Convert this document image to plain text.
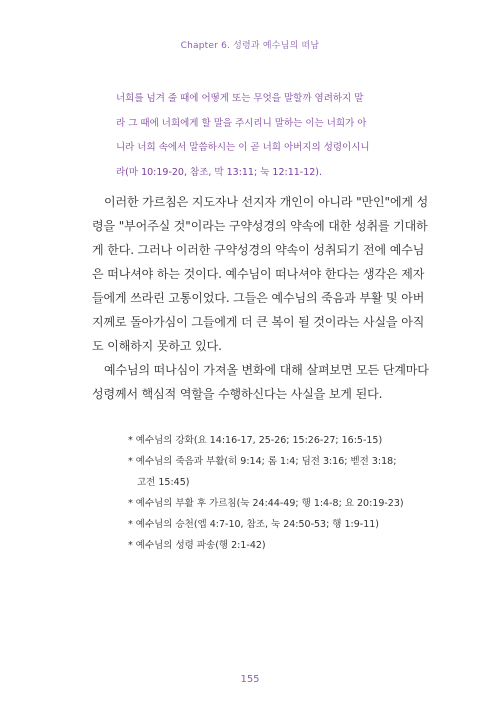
Chapter 6. 성령과 예수님의 떠남
너희를 넘겨 줄 때에 어떻게 또는 무엇을 말할까 염려하지 말
라 그 때에 너희에게 할 말을 주시리니 말하는 이는 너희가 아
니라 너희 속에서 말씀하시는 이 곧 너희 아버지의 성령이시니
라(마 10:19-20, 참조, 막 13:11; 눅 12:11-12).
이러한 가르침은 지도자나 선지자 개인이 아니라 "만인"에게 성
령을 "부어주실 것"이라는 구약성경의 약속에 대한 성취를 기대하
게 한다. 그러나 이러한 구약성경의 약속이 성취되기 전에 예수님
은 떠나셔야 하는 것이다. 예수님이 떠나셔야 한다는 생각은 제자
들에게 쓰라린 고통이었다. 그들은 예수님의 죽음과 부활 및 아버
지께로 돌아가심이 그들에게 더 큰 복이 될 것이라는 사실을 아직
도 이해하지 못하고 있다.
예수님의 떠나심이 가져올 변화에 대해 살펴보면 모든 단계마다
성령께서 핵심적 역할을 수행하신다는 사실을 보게 된다.
* 예수님의 강화(요 14:16-17, 25-26; 15:26-27; 16:5-15)
* 예수님의 죽음과 부활(히 9:14; 롬 1:4; 딤전 3:16; 벧전 3:18;
고전 15:45)
* 예수님의 부활 후 가르침(눅 24:44-49; 행 1:4-8; 요 20:19-23)
* 예수님의 승천(엡 4:7-10, 참조, 눅 24:50-53; 행 1:9-11)
* 예수님의 성령 파송(행 2:1-42)
155
